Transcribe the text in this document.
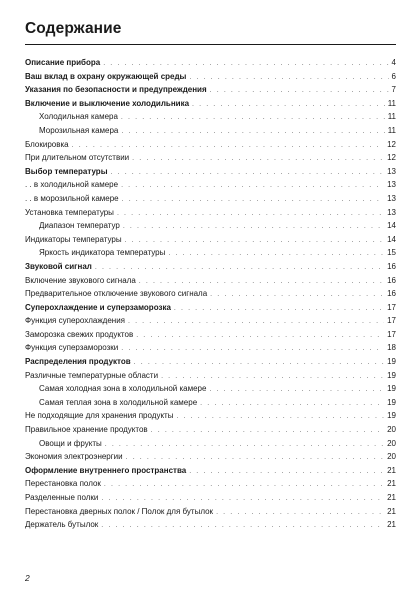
Содержание
Описание прибора . . .	4
Ваш вклад в охрану окружающей среды . . .	6
Указания по безопасности и предупреждения . . .	7
Включение и выключение холодильника . . .	11
Холодильная камера . . .	11
Морозильная камера . . .	11
Блокировка . . .	12
При длительном отсутствии . . .	12
Выбор температуры . . .	13
. . в холодильной камере . . .	13
. . в морозильной камере . . .	13
Установка температуры . . .	13
Диапазон температур . . .	14
Индикаторы температуры . . .	14
Яркость индикатора температуры . . .	15
Звуковой сигнал . . .	16
Включение звукового сигнала . . .	16
Предварительное отключение звукового сигнала . . .	16
Суперохлаждение и суперзаморозка . . .	17
Функция суперохлаждения . . .	17
Заморозка свежих продуктов . . .	17
Функция суперзаморозки . . .	18
Распределения продуктов . . .	19
Различные температурные области . . .	19
Самая холодная зона в холодильной камере . . .	19
Самая теплая зона в холодильной камере . . .	19
Не подходящие для хранения продукты . . .	19
Правильное хранение продуктов . . .	20
Овощи и фрукты . . .	20
Экономия электроэнергии . . .	20
Оформление внутреннего пространства . . .	21
Перестановка полок . . .	21
Разделенные полки . . .	21
Перестановка дверных полок / Полок для бутылок . . .	21
Держатель бутылок . . .	21
2
